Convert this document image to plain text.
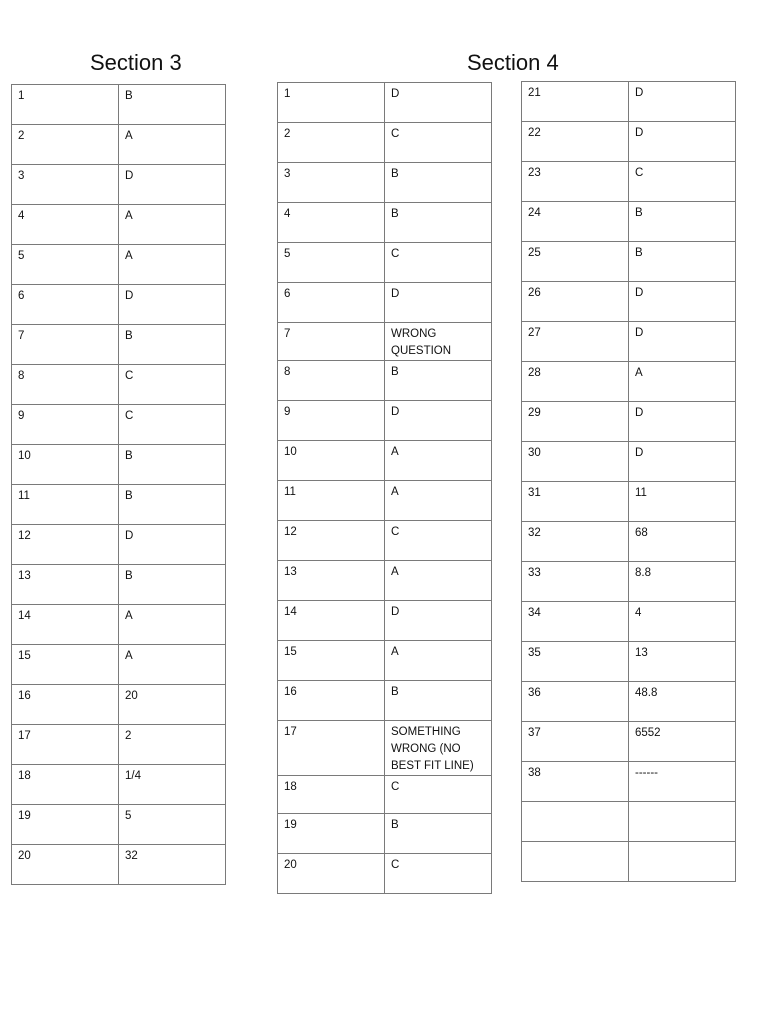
Section 3	Section 4
1	B
2	A
3	D
4	A
5	A
6	D
7	B
8	C
9	C
10	B
11	B
12	D
13	B
14	A
15	A
16	20
17	2
18	1/4
19	5
20	32
1	D
2	C
3	B
4	B
5	C
6	D
7	WRONG QUESTION
8	B
9	D
10	A
11	A
12	C
13	A
14	D
15	A
16	B
17	SOMETHING WRONG (NO BEST FIT LINE)
18	C
19	B
20	C
21	D
22	D
23	C
24	B
25	B
26	D
27	D
28	A
29	D
30	D
31	11
32	68
33	8.8
34	4
35	13
36	48.8
37	6552
38	------
